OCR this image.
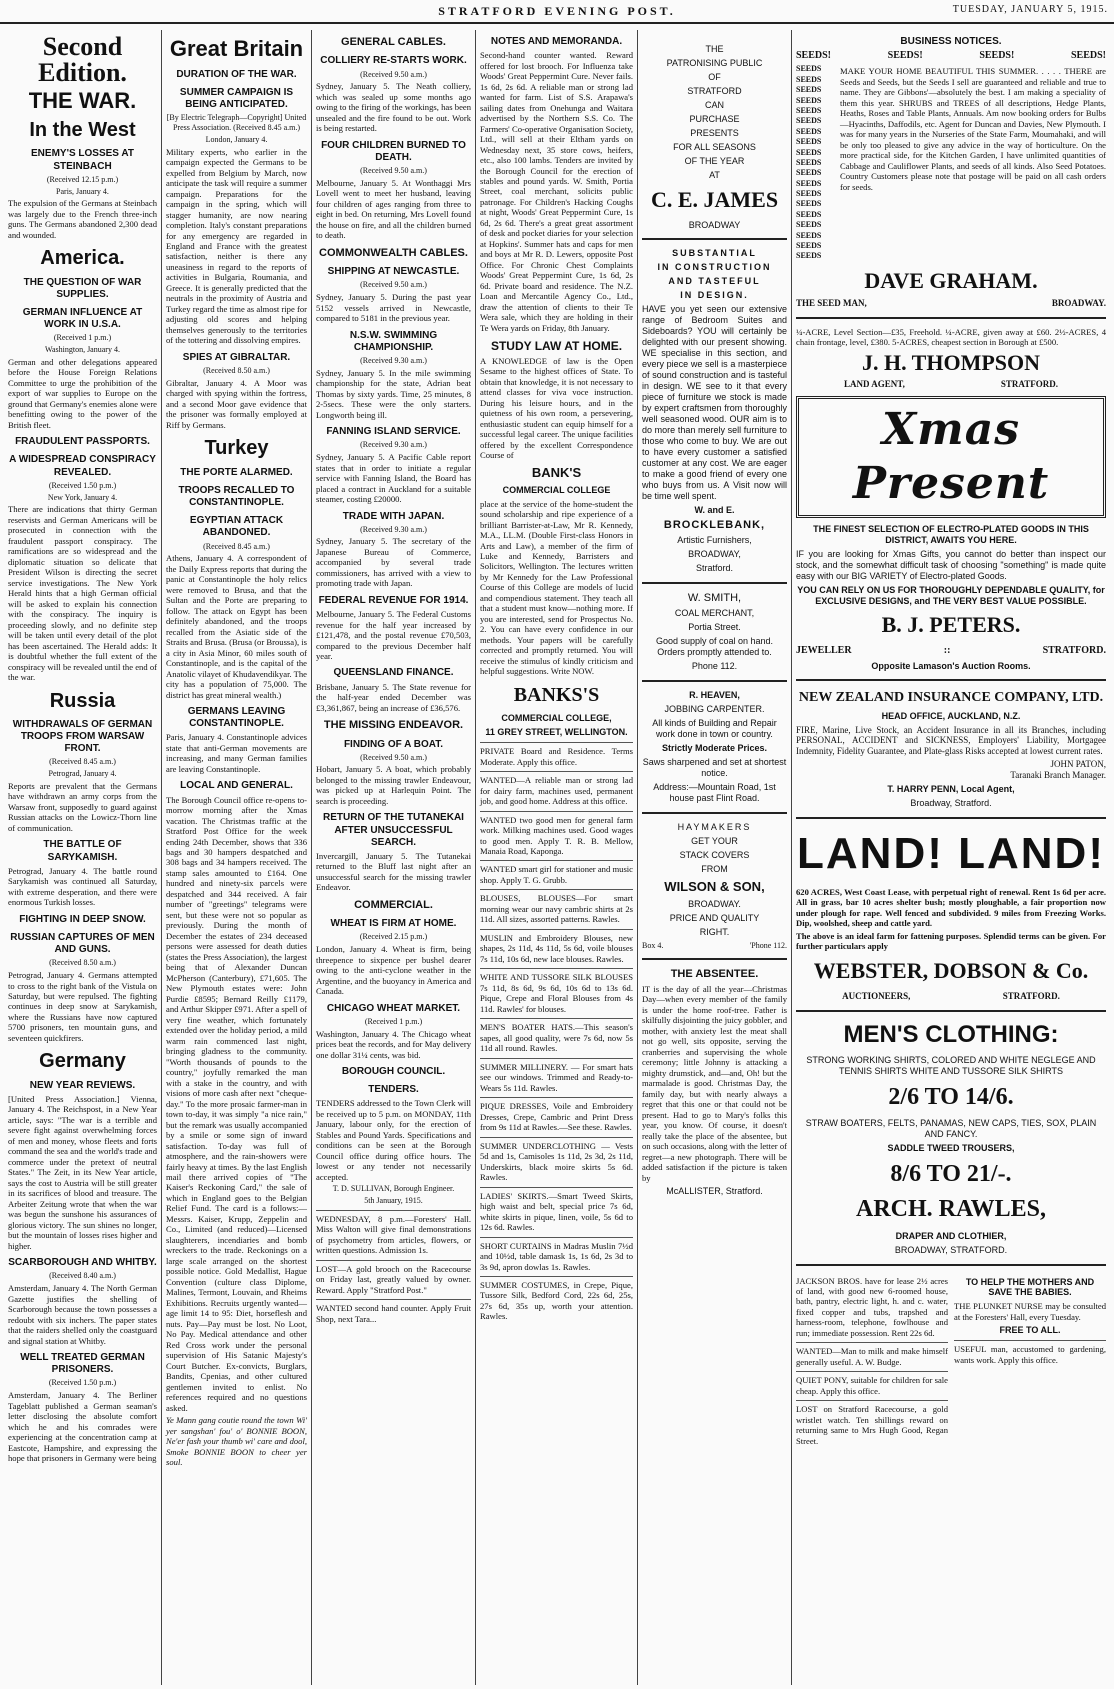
STRATFORD EVENING POST.	TUESDAY, JANUARY 5, 1915.
Second Edition.
THE WAR.
In the West
ENEMY'S LOSSES AT STEINBACH
(Received 12.15 p.m.)
Paris, January 4.
The expulsion of the Germans at Steinbach was largely due to the French three-inch guns. The Germans abandoned 2,300 dead and wounded.
America.
THE QUESTION OF WAR SUPPLIES.
GERMAN INFLUENCE AT WORK IN U.S.A.
(Received 1 p.m.)
Washington, January 4.
German and other delegations appeared before the House Foreign Relations Committee to urge the prohibition of the export of war supplies to Europe on the ground that Germany's enemies alone were benefitting owing to the power of the British fleet.
FRAUDULENT PASSPORTS.
A WIDESPREAD CONSPIRACY REVEALED.
(Received 1.50 p.m.)
New York, January 4.
There are indications that thirty German reservists and German Americans will be prosecuted in connection with the fraudulent passport conspiracy. The ramifications are so widespread and the diplomatic situation so delicate that President Wilson is directing the secret service investigations. The New York Herald hints that a high German official will be asked to explain his connection with the conspiracy. The inquiry is proceeding slowly, and no definite step will be taken until every detail of the plot has been ascertained. The Herald adds: It is doubtful whether the full extent of the conspiracy will be revealed until the end of the war.
Russia
WITHDRAWALS OF GERMAN TROOPS FROM WARSAW FRONT.
(Received 8.45 a.m.)
Petrograd, January 4.
Reports are prevalent that the Germans have withdrawn an army corps from the Warsaw front, supposedly to guard against Russian attacks on the Lowicz-Thorn line of communication.
THE BATTLE OF SARYKAMISH.
Petrograd, January 4. The battle round Sarykamish was continued all Saturday, with extreme desperation, and there were enormous Turkish losses.
FIGHTING IN DEEP SNOW.
RUSSIAN CAPTURES OF MEN AND GUNS.
(Received 8.50 a.m.)
Petrograd, January 4. Germans attempted to cross to the right bank of the Vistula on Saturday, but were repulsed. The fighting continues in deep snow at Sarykamish, where the Russians have now captured 5700 prisoners, ten mountain guns, and seventeen quickfirers.
Germany
NEW YEAR REVIEWS.
[United Press Association.] Vienna, January 4. The Reichspost, in a New Year article, says: "The war is a terrible and severe fight against overwhelming forces of men and money, whose fleets and forts command the sea and the world's trade and commerce under the pretext of neutral States." The Zeit, in its New Year article, says the cost to Austria will be still greater in its sacrifices of blood and treasure. The Arbeiter Zeitung wrote that when the war was begun the sunshone his assurances of glorious victory. The sun shines no longer, but the mountain of losses rises higher and higher.
SCARBOROUGH AND WHITBY.
(Received 8.40 a.m.)
Amsterdam, January 4. The North German Gazette justifies the shelling of Scarborough because the town possesses a redoubt with six inchers. The paper states that the raiders shelled only the coastguard and signal station at Whitby.
WELL TREATED GERMAN PRISONERS.
(Received 1.50 p.m.)
Amsterdam, January 4. The Berliner Tageblatt published a German seaman's letter disclosing the absolute comfort which he and his comrades were experiencing at the concentration camp at Eastcote, Hampshire, and expressing the hope that prisoners in Germany were being
Great Britain
DURATION OF THE WAR.
SUMMER CAMPAIGN IS BEING ANTICIPATED.
[By Electric Telegraph—Copyright] United Press Association. (Received 8.45 a.m.)
London, January 4.
Military experts, who earlier in the campaign expected the Germans to be expelled from Belgium by March, now anticipate the task will require a summer campaign. Preparations for the campaign in the spring, which will stagger humanity, are now nearing completion. Italy's constant preparations for any emergency are regarded in England and France with the greatest satisfaction, neither is there any uneasiness in regard to the reports of activities in Bulgaria, Roumania, and Greece. It is generally predicted that the neutrals in the proximity of Austria and Turkey regard the time as almost ripe for adjusting old scores and helping themselves generously to the territories of the tottering and dissolving empires.
SPIES AT GIBRALTAR.
(Received 8.50 a.m.)
Gibraltar, January 4. A Moor was charged with spying within the fortress, and a second Moor gave evidence that the prisoner was formally employed at Riff by Germans.
Turkey
THE PORTE ALARMED.
TROOPS RECALLED TO CONSTANTINOPLE.
EGYPTIAN ATTACK ABANDONED.
(Received 8.45 a.m.)
Athens, January 4. A correspondent of the Daily Express reports that during the panic at Constantinople the holy relics were removed to Brusa, and that the Sultan and the Porte are preparing to follow. The attack on Egypt has been definitely abandoned, and the troops recalled from the Asiatic side of the Straits and Brusa. (Brusa (or Broussa), is a city in Asia Minor, 60 miles south of Constantinople, and is the capital of the Anatolic vilayet of Khudavendikyar. The city has a population of 75,000. The district has great mineral wealth.)
GERMANS LEAVING CONSTANTINOPLE.
Paris, January 4. Constantinople advices state that anti-German movements are increasing, and many German families are leaving Constantinople.
LOCAL AND GENERAL.
The Borough Council office re-opens to-morrow morning after the Xmas vacation. The Christmas traffic at the Stratford Post Office for the week ending 24th December, shows that 336 bags and 30 hampers despatched and 308 bags and 34 hampers received. The stamp sales amounted to £164. One hundred and ninety-six parcels were despatched and 344 received. A fair number of "greetings" telegrams were sent, but these were not so popular as previously. During the month of December the estates of 234 deceased persons were assessed for death duties (states the Press Association), the largest being that of Alexander Duncan McPherson (Canterbury), £71,605. The New Plymouth estates were: John Purdie £8595; Bernard Reilly £1179, and Arthur Skipper £971. After a spell of very fine weather, which fortunately extended over the holiday period, a mild warm rain commenced last night, bringing gladness to the community. "Worth thousands of pounds to the country," joyfully remarked the man with a stake in the country, and with visions of more cash after next "cheque-day." To the more prosaic farmer-man in town to-day, it was simply "a nice rain," but the remark was usually accompanied by a smile or some sign of inward satisfaction. To-day was full of atmosphere, and the rain-showers were fairly heavy at times. By the last English mail there arrived copies of "The Kaiser's Reckoning Card," the sale of which in England goes to the Belgian Relief Fund. The card is a follows:—Messrs. Kaiser, Krupp, Zeppelin and Co., Limited (and reduced)—Licensed slaughterers, incendiaries and bomb wreckers to the trade. Reckonings on a large scale arranged on the shortest possible notice. Gold Medallist, Hague Convention (culture class Diplome, Malines, Termont, Louvain, and Rheims Exhibitions. Recruits urgently wanted—age limit 14 to 95: Diet, horseflesh and nuts. Pay—Pay must be lost. No Loot, No Pay. Medical attendance and other Red Cross work under the personal supervision of His Satanic Majesty's Court Butcher. Ex-convicts, Burglars, Bandits, Cpenias, and other cultured gentlemen invited to enlist. No references required and no questions asked.
Ye Mann gang coutie round the town Wi' yer sangshan' fou' o' BONNIE BOON, Ne'er fash your thumb wi' care and dool, Smoke BONNIE BOON to cheer yer soul.
GENERAL CABLES.
COLLIERY RE-STARTS WORK.
(Received 9.50 a.m.)
Sydney, January 5. The Neath colliery, which was sealed up some months ago owing to the firing of the workings, has been unsealed and the fire found to be out. Work is being restarted.
FOUR CHILDREN BURNED TO DEATH.
(Received 9.50 a.m.)
Melbourne, January 5. At Wonthaggi Mrs Lovell went to meet her husband, leaving four children of ages ranging from three to eight in bed. On returning, Mrs Lovell found the house on fire, and all the children burned to death.
COMMONWEALTH CABLES.
SHIPPING AT NEWCASTLE.
(Received 9.50 a.m.)
Sydney, January 5. During the past year 5152 vessels arrived in Newcastle, compared to 5181 in the previous year.
N.S.W. SWIMMING CHAMPIONSHIP.
(Received 9.30 a.m.)
Sydney, January 5. In the mile swimming championship for the state, Adrian beat Thomas by sixty yards. Time, 25 minutes, 8 2-5secs. These were the only starters. Longworth being ill.
FANNING ISLAND SERVICE.
(Received 9.30 a.m.)
Sydney, January 5. A Pacific Cable report states that in order to initiate a regular service with Fanning Island, the Board has placed a contract in Auckland for a suitable steamer, costing £20000.
TRADE WITH JAPAN.
(Received 9.30 a.m.)
Sydney, January 5. The secretary of the Japanese Bureau of Commerce, accompanied by several trade commissioners, has arrived with a view to promoting trade with Japan.
FEDERAL REVENUE FOR 1914.
Melbourne, January 5. The Federal Customs revenue for the half year increased by £121,478, and the postal revenue £70,503, compared to the previous December half year.
QUEENSLAND FINANCE.
Brisbane, January 5. The State revenue for the half-year ended December was £3,361,867, being an increase of £36,576.
THE MISSING ENDEAVOR.
FINDING OF A BOAT.
(Received 9.50 a.m.)
Hobart, January 5. A boat, which probably belonged to the missing trawler Endeavour, was picked up at Harlequin Point. The search is proceeding.
RETURN OF THE TUTANEKAI AFTER UNSUCCESSFUL SEARCH.
Invercargill, January 5. The Tutanekai returned to the Bluff last night after an unsuccessful search for the missing trawler Endeavor.
COMMERCIAL.
WHEAT IS FIRM AT HOME.
(Received 2.15 p.m.)
London, January 4. Wheat is firm, being threepence to sixpence per bushel dearer owing to the anti-cyclone weather in the Argentine, and the buoyancy in America and Canada.
CHICAGO WHEAT MARKET.
(Received 1 p.m.)
Washington, January 4. The Chicago wheat prices beat the records, and for May delivery one dollar 31¼ cents, was bid.
BOROUGH COUNCIL.
TENDERS.
TENDERS addressed to the Town Clerk will be received up to 5 p.m. on MONDAY, 11th January, labour only, for the erection of Stables and Pound Yards. Specifications and conditions can be seen at the Borough Council office during office hours. The lowest or any tender not necessarily accepted.
T. D. SULLIVAN, Borough Engineer.
5th January, 1915.
WEDNESDAY, 8 p.m.—Foresters' Hall. Miss Walton will give final demonstrations of psychometry from articles, flowers, or written questions. Admission 1s.
LOST—A gold brooch on the Racecourse on Friday last, greatly valued by owner. Reward. Apply "Stratford Post."
WANTED second hand counter. Apply Fruit Shop, next Tara...
NOTES AND MEMORANDA.
Second-hand counter wanted. Reward offered for lost brooch. For Influenza take Woods' Great Peppermint Cure. Never fails. 1s 6d, 2s 6d. A reliable man or strong lad wanted for farm. List of S.S. Arapawa's sailing dates from Onehunga and Waitara advertised by the Northern S.S. Co. The Farmers' Co-operative Organisation Society, Ltd., will sell at their Eltham yards on Wednesday next, 35 store cows, heifers, etc., also 100 lambs. Tenders are invited by the Borough Council for the erection of stables and pound yards. W. Smith, Portia Street, coal merchant, solicits public patronage. For Children's Hacking Coughs at night, Woods' Great Peppermint Cure, 1s 6d, 2s 6d. There's a great great assortment of desk and pocket diaries for your selection at Hopkins'. Summer hats and caps for men and boys at Mr R. D. Lewers, opposite Post Office. For Chronic Chest Complaints Woods' Great Peppermint Cure, 1s 6d, 2s 6d. Private board and residence. The N.Z. Loan and Mercantile Agency Co., Ltd., draw the attention of clients to their Te Wera sale, which they are holding in their Te Wera yards on Friday, 8th January.
STUDY LAW AT HOME.
A KNOWLEDGE of law is the Open Sesame to the highest offices of State. To obtain that knowledge, it is not necessary to attend classes for viva voce instruction. During his leisure hours, and in the quietness of his own room, a persevering, enthusiastic student can equip himself for a successful legal career. The unique facilities offered by the excellent Correspondence Course of
BANK'S
COMMERCIAL COLLEGE
place at the service of the home-student the sound scholarship and ripe experience of a brilliant Barrister-at-Law, Mr R. Kennedy, M.A., LL.M. (Double First-class Honors in Arts and Law), a member of the firm of Luke and Kennedy, Barristers and Solicitors, Wellington. The lectures written by Mr Kennedy for the Law Professional Course of this College are models of lucid and compendious statement. They teach all that a student must know—nothing more. If you are interested, send for Prospectus No. 2. You can have every confidence in our methods. Your papers will be carefully corrected and promptly returned. You will receive the stimulus of kindly criticism and helpful suggestions. Write NOW.
BANKS'S
COMMERCIAL COLLEGE,
11 GREY STREET, WELLINGTON.
PRIVATE Board and Residence. Terms Moderate. Apply this office.
WANTED—A reliable man or strong lad for dairy farm, machines used, permanent job, and good home. Address at this office.
WANTED two good men for general farm work. Milking machines used. Good wages to good men. Apply T. R. B. Mellow, Manaia Road, Kaponga.
WANTED smart girl for stationer and music shop. Apply T. G. Grubb.
BLOUSES, BLOUSES—For smart morning wear our navy cambric shirts at 2s 11d. All sizes, assorted patterns. Rawles.
MUSLIN and Embroidery Blouses, new shapes, 2s 11d, 4s 11d, 5s 6d, voile blouses 7s 11d, 10s 6d, new lace blouses. Rawles.
WHITE AND TUSSORE SILK BLOUSES 7s 11d, 8s 6d, 9s 6d, 10s 6d to 13s 6d. Pique, Crepe and Floral Blouses from 4s 11d. Rawles' for blouses.
MEN'S BOATER HATS.—This season's sapes, all good quality, were 7s 6d, now 5s 11d all round. Rawles.
SUMMER MILLINERY. — For smart hats see our windows. Trimmed and Ready-to-Wears 5s 11d. Rawles.
PIQUE DRESSES, Voile and Embroidery Dresses, Crepe, Cambric and Print Dress from 9s 11d at Rawles.—See these. Rawles.
SUMMER UNDERCLOTHING — Vests 5d and 1s, Camisoles 1s 11d, 2s 3d, 2s 11d, Underskirts, black moire skirts 5s 6d. Rawles.
LADIES' SKIRTS.—Smart Tweed Skirts, high waist and belt, special price 7s 6d, white skirts in pique, linen, voile, 5s 6d to 12s 6d. Rawles.
SHORT CURTAINS in Madras Muslin 7½d and 10½d, table damask 1s, 1s 6d, 2s 3d to 3s 9d, apron dowlas 1s. Rawles.
SUMMER COSTUMES, in Crepe, Pique, Tussore Silk, Bedford Cord, 22s 6d, 25s, 27s 6d, 35s up, worth your attention. Rawles.
THE
PATRONISING PUBLIC
OF
STRATFORD
CAN
PURCHASE
PRESENTS
FOR ALL SEASONS
OF THE YEAR
AT
C. E. JAMES
BROADWAY
SUBSTANTIAL
IN CONSTRUCTION
AND TASTEFUL
IN DESIGN.
HAVE you yet seen our extensive range of Bedroom Suites and Sideboards? YOU will certainly be delighted with our present showing. WE specialise in this section, and every piece we sell is a masterpiece of sound construction and is tasteful in design. WE see to it that every piece of furniture we stock is made by expert craftsmen from thoroughly well seasoned wood. OUR aim is to do more than merely sell furniture to those who come to buy. We are out to have every customer a satisfied customer at any cost. We are eager to make a good friend of every one who buys from us. A Visit now will be time well spent.
W. and E.
BROCKLEBANK,
Artistic Furnishers,
BROADWAY,
Stratford.
W. SMITH,
COAL MERCHANT,
Portia Street.
Good supply of coal on hand. Orders promptly attended to.
Phone 112.
R. HEAVEN,
JOBBING CARPENTER.
All kinds of Building and Repair work done in town or country.
Strictly Moderate Prices.
Saws sharpened and set at shortest notice.
Address:—Mountain Road, 1st house past Flint Road.
HAYMAKERS
GET YOUR
STACK COVERS
FROM
WILSON & SON,
BROADWAY.
PRICE AND QUALITY
RIGHT.
Box 4.	'Phone 112.
THE ABSENTEE.
IT is the day of all the year—Christmas Day—when every member of the family is under the home roof-tree. Father is skilfully disjointing the juicy gobbler, and mother, with anxiety lest the meat shall not go well, sits opposite, serving the cranberries and supervising the whole ceremony; little Johnny is attacking a mighty drumstick, and—and, Oh! but the marmalade is good. Christmas Day, the family day, but with nearly always a regret that this one or that could not be present. Had to go to Mary's folks this year, you know. Of course, it doesn't really take the place of the absentee, but on such occasions, along with the letter of regret—a new photograph. There will be added satisfaction if the picture is taken by
McALLISTER, Stratford.
BUSINESS NOTICES.
SEEDS!	SEEDS!	SEEDS!	SEEDS!
SEEDS
SEEDS
SEEDS
SEEDS
SEEDS
SEEDS
SEEDS
SEEDS
SEEDS
SEEDS
SEEDS
SEEDS
SEEDS
SEEDS
SEEDS
SEEDS
SEEDS
SEEDS
SEEDS
MAKE YOUR HOME BEAUTIFUL THIS SUMMER. . . . . THERE are Seeds and Seeds, but the Seeds I sell are guaranteed and reliable and true to name. They are Gibbons'—absolutely the best. I am making a speciality of them this year. SHRUBS and TREES of all descriptions, Hedge Plants, Heaths, Roses and Table Plants, Annuals. Am now booking orders for Bulbs—Hyacinths, Daffodils, etc. Agent for Duncan and Davies, New Plymouth. I was for many years in the Nurseries of the State Farm, Moumahaki, and will be only too pleased to give any advice in the way of horticulture. On the more practical side, for the Kitchen Garden, I have unlimited quantities of Cabbage and Cauliflower Plants, and seeds of all kinds. Also Seed Potatoes. Country Customers please note that postage will be paid on all cash orders for seeds.
DAVE GRAHAM.
THE SEED MAN,	BROADWAY.
¼-ACRE, Level Section—£35, Freehold. ¼-ACRE, given away at £60. 2½-ACRES, 4 chain frontage, level, £380. 5-ACRES, cheapest section in Borough at £500.
J. H. THOMPSON
LAND AGENT,	STRATFORD.
Xmas Present
THE FINEST SELECTION OF ELECTRO-PLATED GOODS IN THIS DISTRICT, AWAITS YOU HERE.
IF you are looking for Xmas Gifts, you cannot do better than inspect our stock, and the somewhat difficult task of choosing "something" is made quite easy with our BIG VARIETY of Electro-plated Goods.
YOU CAN RELY ON US FOR THOROUGHLY DEPENDABLE QUALITY, for EXCLUSIVE DESIGNS, and THE VERY BEST VALUE POSSIBLE.
B. J. PETERS.
JEWELLER	::	STRATFORD.
Opposite Lamason's Auction Rooms.
NEW ZEALAND INSURANCE COMPANY, LTD.
HEAD OFFICE, AUCKLAND, N.Z.
FIRE, Marine, Live Stock, an Accident Insurance in all its Branches, including PERSONAL, ACCIDENT and SICKNESS, Employers' Liability, Mortgagee Indemnity, Fidelity Guarantee, and Plate-glass Risks accepted at lowest current rates.
JOHN PATON,
Taranaki Branch Manager.
T. HARRY PENN, Local Agent,
Broadway, Stratford.
LAND! LAND!
620 ACRES, West Coast Lease, with perpetual right of renewal. Rent 1s 6d per acre. All in grass, bar 10 acres shelter bush; mostly ploughable, a fair proportion now under plough for rape. Well fenced and subdivided. 9 miles from Freezing Works. Dip, woolshed, sheep and cattle yard.
The above is an ideal farm for fattening purposes. Splendid terms can be given. For further particulars apply
WEBSTER, DOBSON & Co.
AUCTIONEERS,	STRATFORD.
MEN'S CLOTHING:
STRONG WORKING SHIRTS, COLORED AND WHITE NEGLEGE AND TENNIS SHIRTS WHITE AND TUSSORE SILK SHIRTS
2/6 TO 14/6.
STRAW BOATERS, FELTS, PANAMAS, NEW CAPS, TIES, SOX, PLAIN AND FANCY.
SADDLE TWEED TROUSERS,
8/6 TO 21/-.
ARCH. RAWLES,
DRAPER AND CLOTHIER,
BROADWAY, STRATFORD.
JACKSON BROS. have for lease 2½ acres of land, with good new 6-roomed house, bath, pantry, electric light, h. and c. water, fixed copper and tubs, trapshed and harness-room, telephone, fowlhouse and run; immediate possession. Rent 22s 6d.
WANTED—Man to milk and make himself generally useful. A. W. Budge.
QUIET PONY, suitable for children for sale cheap. Apply this office.
LOST on Stratford Racecourse, a gold wristlet watch. Ten shillings reward on returning same to Mrs Hugh Good, Regan Street.
TO HELP THE MOTHERS AND SAVE THE BABIES.
THE PLUNKET NURSE may be consulted at the Foresters' Hall, every Tuesday.
FREE TO ALL.
USEFUL man, accustomed to gardening, wants work. Apply this office.
